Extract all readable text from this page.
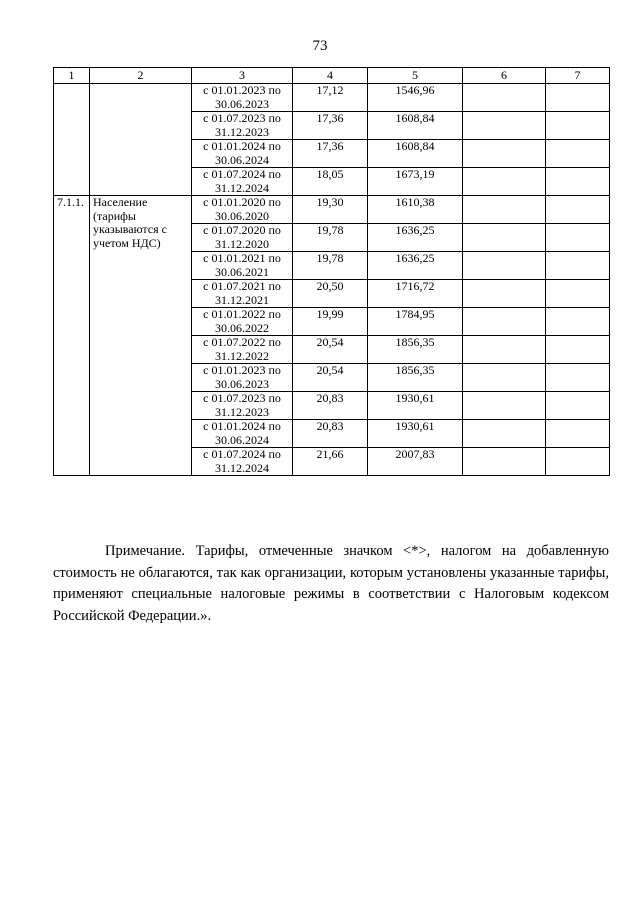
73
1	2	3	4	5	6	7
		с 01.01.2023 по
30.06.2023	17,12	1546,96		
		с 01.07.2023 по
31.12.2023	17,36	1608,84		
		с 01.01.2024 по
30.06.2024	17,36	1608,84		
		с 01.07.2024 по
31.12.2024	18,05	1673,19		
7.1.1.	Население (тарифы указываются с учетом НДС)	с 01.01.2020 по
30.06.2020	19,30	1610,38		
		с 01.07.2020 по
31.12.2020	19,78	1636,25		
		с 01.01.2021 по
30.06.2021	19,78	1636,25		
		с 01.07.2021 по
31.12.2021	20,50	1716,72		
		с 01.01.2022 по
30.06.2022	19,99	1784,95		
		с 01.07.2022 по
31.12.2022	20,54	1856,35		
		с 01.01.2023 по
30.06.2023	20,54	1856,35		
		с 01.07.2023 по
31.12.2023	20,83	1930,61		
		с 01.01.2024 по
30.06.2024	20,83	1930,61		
		с 01.07.2024 по
31.12.2024	21,66	2007,83		

Примечание. Тарифы, отмеченные значком <*>, налогом на добавленную стоимость не облагаются, так как организации, которым установлены указанные тарифы, применяют специальные налоговые режимы в соответствии с Налоговым кодексом Российской Федерации.».
